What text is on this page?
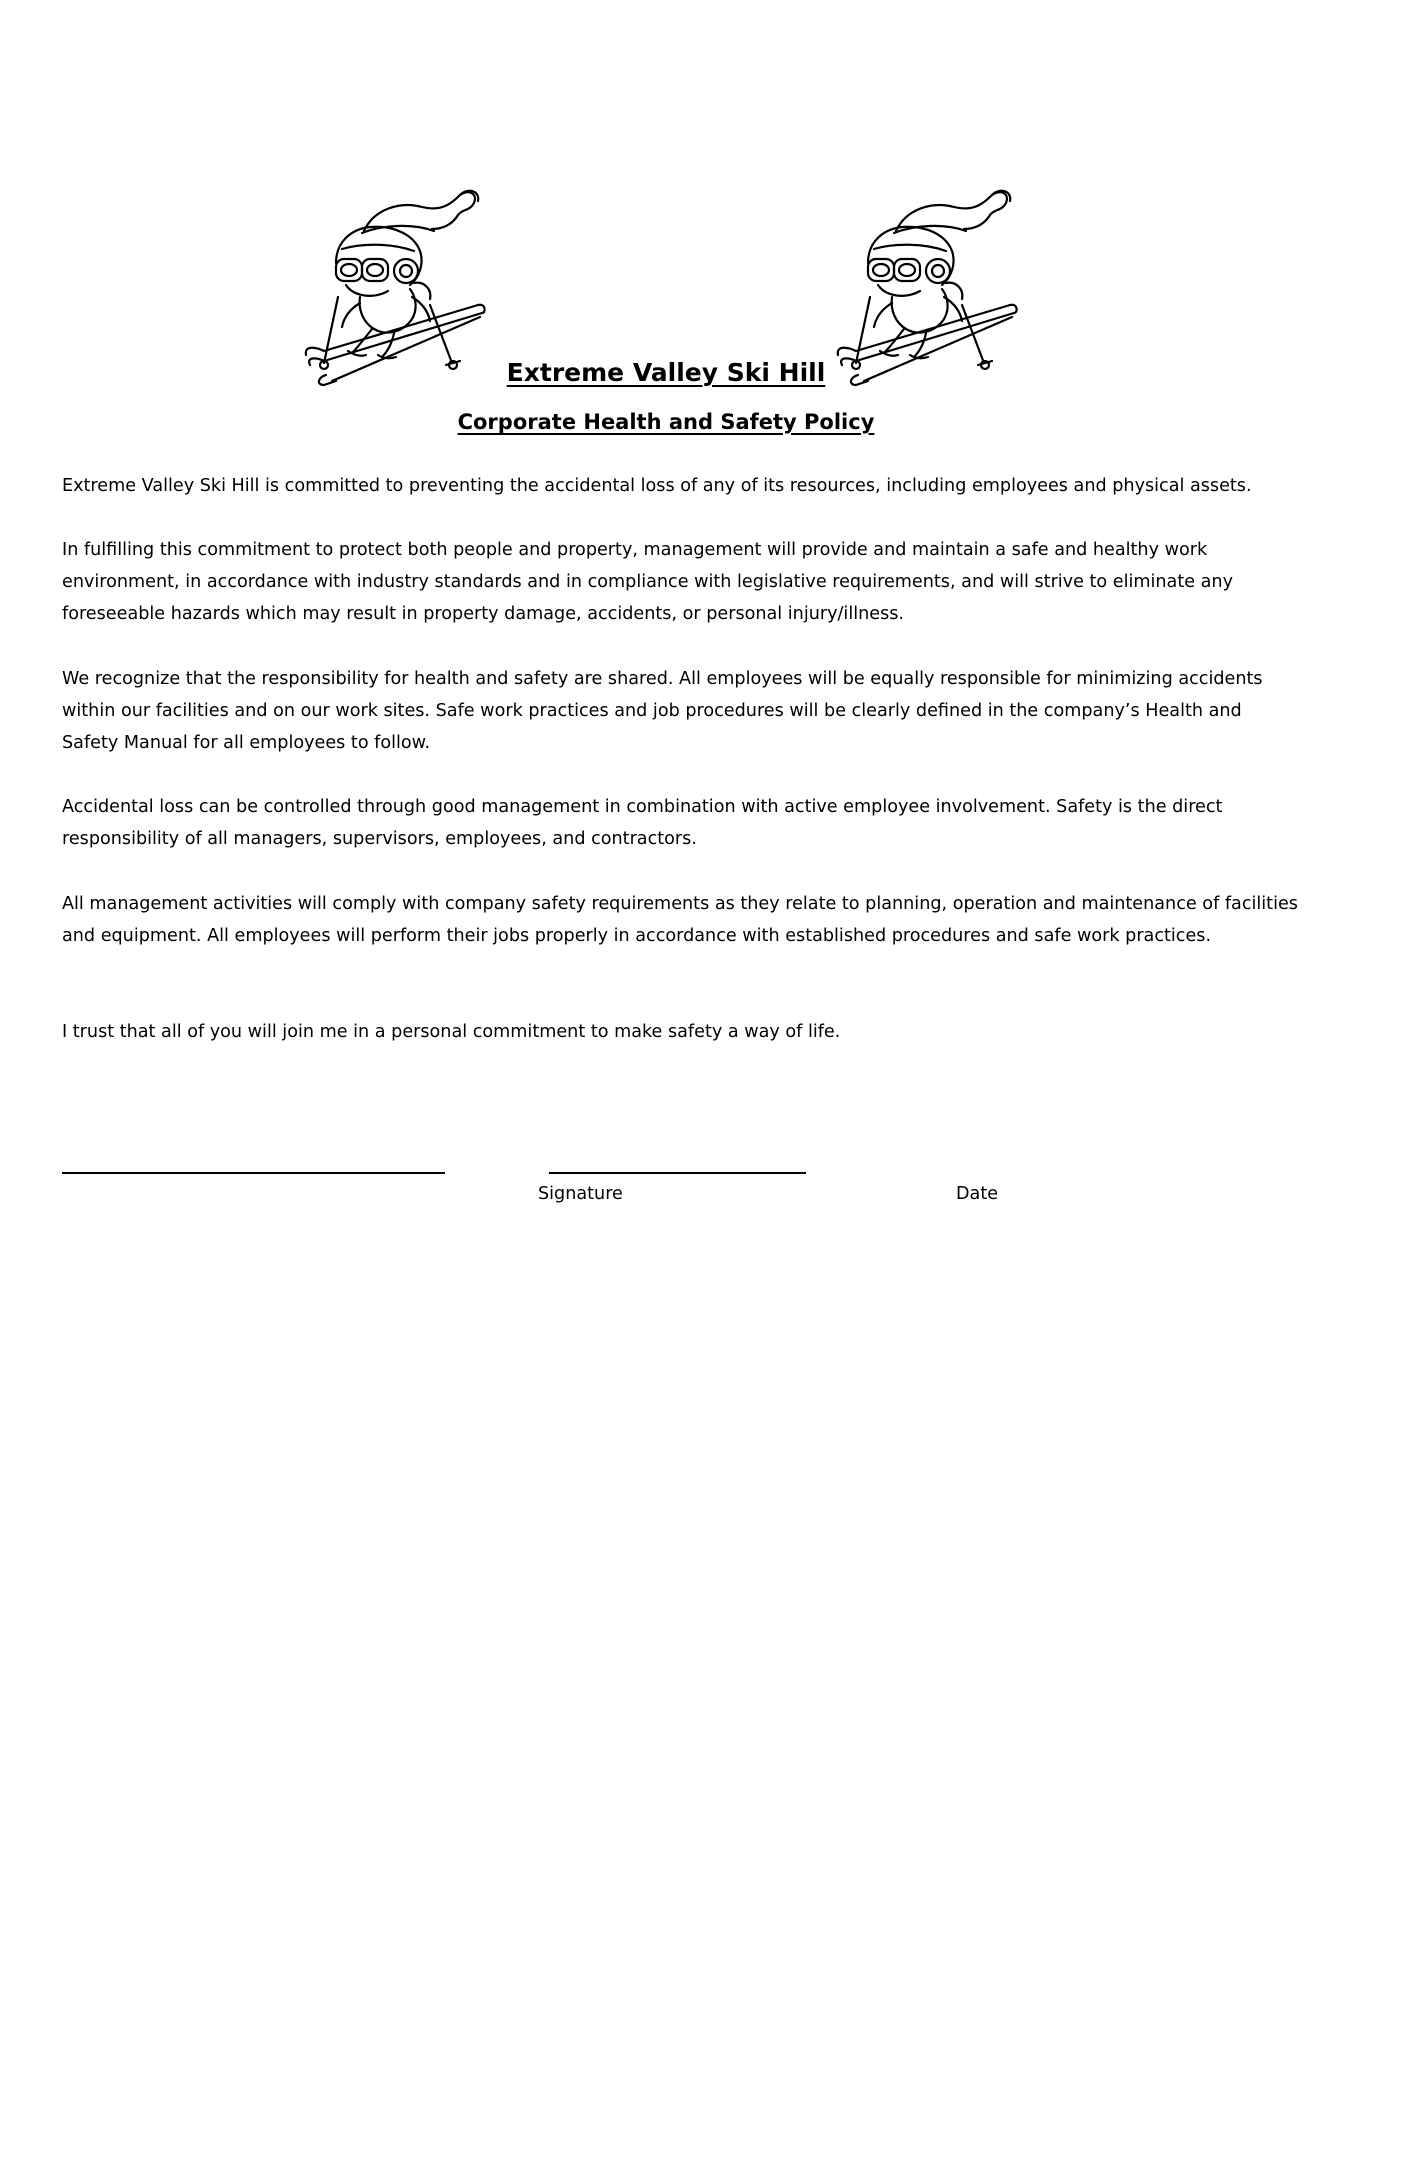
Extreme Valley Ski Hill
Corporate Health and Safety Policy

Extreme Valley Ski Hill is committed to preventing the accidental loss of any of its resources, including employees and physical assets.

In fulfilling this commitment to protect both people and property, management will provide and maintain a safe and healthy work environment, in accordance with industry standards and in compliance with legislative requirements, and will strive to eliminate any foreseeable hazards which may result in property damage, accidents, or personal injury/illness.

We recognize that the responsibility for health and safety are shared. All employees will be equally responsible for minimizing accidents within our facilities and on our work sites. Safe work practices and job procedures will be clearly defined in the company’s Health and Safety Manual for all employees to follow.

Accidental loss can be controlled through good management in combination with active employee involvement. Safety is the direct responsibility of all managers, supervisors, employees, and contractors.

All management activities will comply with company safety requirements as they relate to planning, operation and maintenance of facilities and equipment. All employees will perform their jobs properly in accordance with established procedures and safe work practices.

I trust that all of you will join me in a personal commitment to make safety a way of life.

Signature	Date
